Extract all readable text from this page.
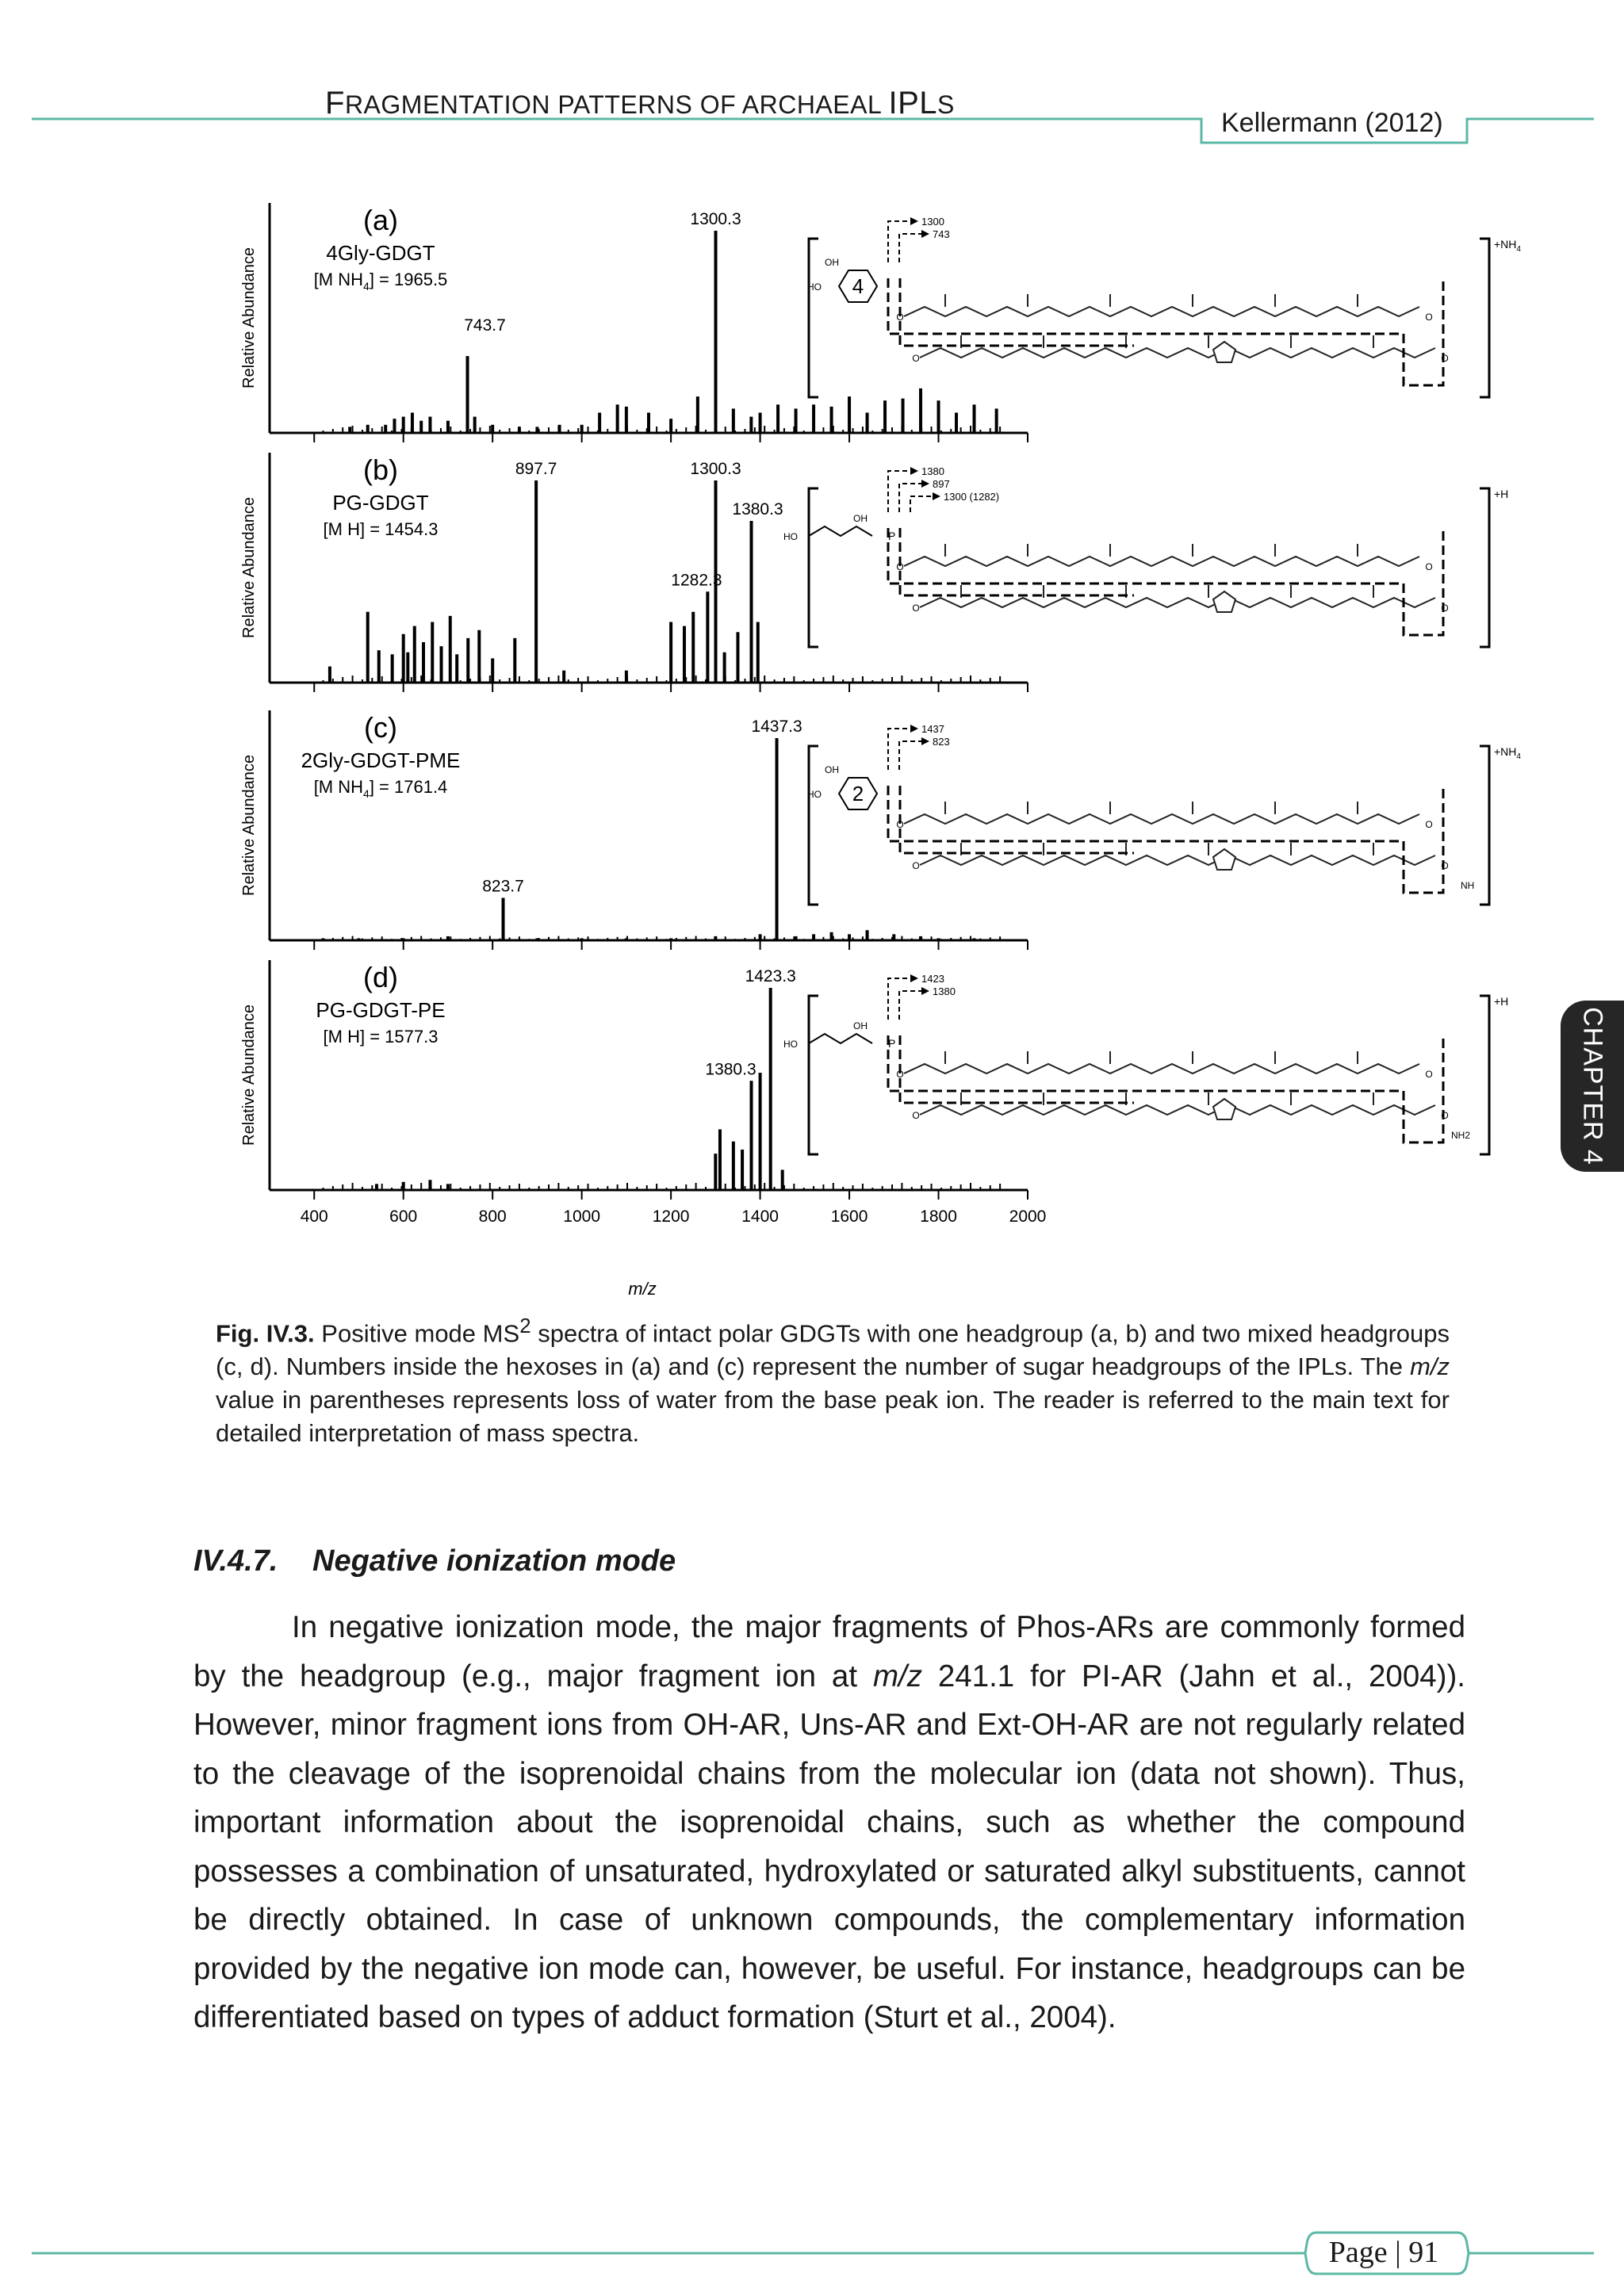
FRAGMENTATION PATTERNS OF ARCHAEAL IPLS
Kellermann (2012)
Relative Abundance
1300.3
743.7
(a)
4Gly-GDGT
[M $NH_4] = 1965.5$
$+NH_4$
4
OH
HO
O
O
O
O
1300
743
Relative Abundance
897.7	1300.3
1380.3
1282.3
(b)
PG-GDGT
[M H] = 1454.3
+H
HO
OH
P
O
O
O
O
1380
897
1300 (1282)
Relative Abundance
1437.3
823.7
(c)
2Gly-GDGT-PME
[M $NH_4] = 1761.4$
$+NH_4$
2
OH
HO
O
O
O
O
1437
823
NH
Relative Abundance
1423.3
1380.3
(d)
PG-GDGT-PE
[M H] = 1577.3
+H
HO
OH
P
O
O
O
O
1423
1380
NH2
m/z
400	600	800	1000	1200	1400	1600	1800	2000
CHAPTER 4
Fig. IV.3. Positive mode $MS^2$ spectra of intact polar GDGTs with one headgroup (a, b) and two mixed headgroups (c, d). Numbers inside the hexoses in (a) and (c) represent the number of sugar headgroups of the IPLs. The m/z value in parentheses represents loss of water from the base peak ion. The reader is referred to the main text for detailed interpretation of mass spectra.
IV.4.7. Negative ionization mode
In negative ionization mode, the major fragments of Phos-ARs are commonly formed by the headgroup (e.g., major fragment ion at m/z 241.1 for PI-AR (Jahn et al., 2004)). However, minor fragment ions from OH-AR, Uns-AR and Ext-OH-AR are not regularly related to the cleavage of the isoprenoidal chains from the molecular ion (data not shown). Thus, important information about the isoprenoidal chains, such as whether the compound possesses a combination of unsaturated, hydroxylated or saturated alkyl substituents, cannot be directly obtained. In case of unknown compounds, the complementary information provided by the negative ion mode can, however, be useful. For instance, headgroups can be differentiated based on types of adduct formation (Sturt et al., 2004).
Page | 91
